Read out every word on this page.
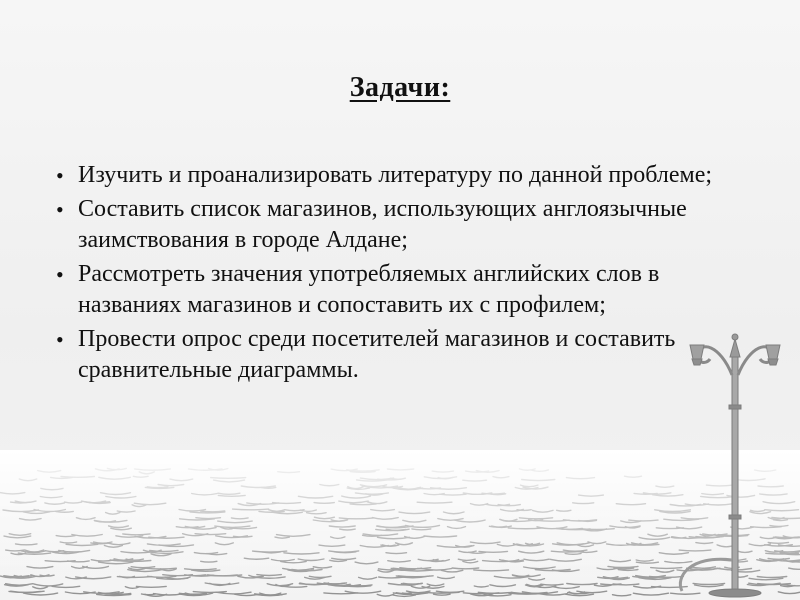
Задачи:
• Изучить и проанализировать литературу по данной проблеме;
• Составить список магазинов, использующих англоязычные заимствования в городе Алдане;
• Рассмотреть значения употребляемых английских слов в названиях магазинов и сопоставить их с профилем;
• Провести опрос среди посетителей магазинов и составить сравнительные диаграммы.
